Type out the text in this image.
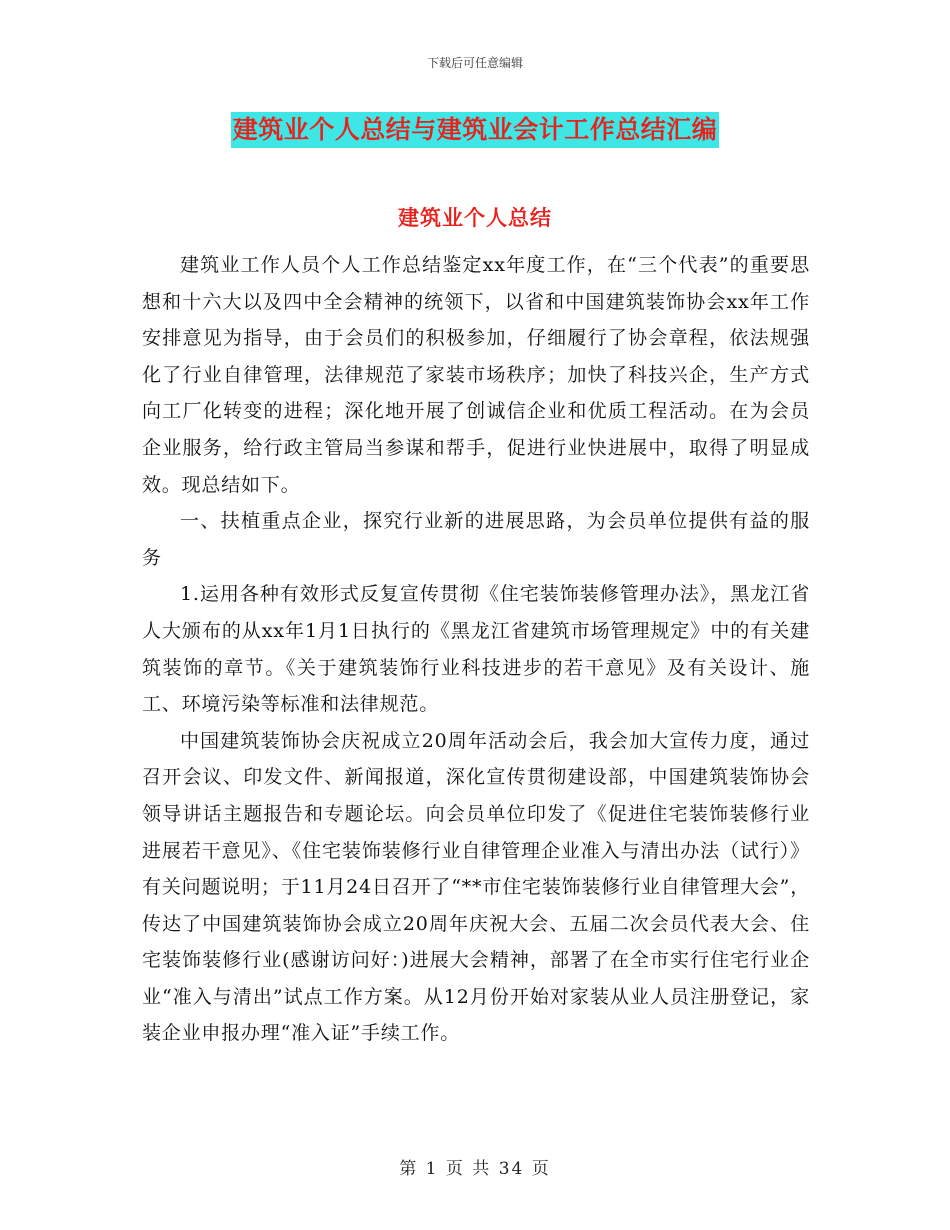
下载后可任意编辑
建筑业个人总结与建筑业会计工作总结汇编
建筑业个人总结

建筑业工作人员个人工作总结鉴定xx年度工作，在“三个代表”的重要思想和十六大以及四中全会精神的统领下，以省和中国建筑装饰协会xx年工作安排意见为指导，由于会员们的积极参加，仔细履行了协会章程，依法规强化了行业自律管理，法律规范了家装市场秩序；加快了科技兴企，生产方式向工厂化转变的进程；深化地开展了创诚信企业和优质工程活动。在为会员企业服务，给行政主管局当参谋和帮手，促进行业快进展中，取得了明显成效。现总结如下。

一、扶植重点企业，探究行业新的进展思路，为会员单位提供有益的服务

1.运用各种有效形式反复宣传贯彻《住宅装饰装修管理办法》，黑龙江省人大颁布的从xx年1月1日执行的《黑龙江省建筑市场管理规定》中的有关建筑装饰的章节。《关于建筑装饰行业科技进步的若干意见》及有关设计、施工、环境污染等标准和法律规范。

中国建筑装饰协会庆祝成立20周年活动会后，我会加大宣传力度，通过召开会议、印发文件、新闻报道，深化宣传贯彻建设部，中国建筑装饰协会领导讲话主题报告和专题论坛。向会员单位印发了《促进住宅装饰装修行业进展若干意见》、《住宅装饰装修行业自律管理企业准入与清出办法（试行）》有关问题说明；于11月24日召开了“**市住宅装饰装修行业自律管理大会”，传达了中国建筑装饰协会成立20周年庆祝大会、五届二次会员代表大会、住宅装饰装修行业(感谢访问好：)进展大会精神，部署了在全市实行住宅行业企业“准入与清出”试点工作方案。从12月份开始对家装从业人员注册登记，家装企业申报办理“准入证”手续工作。

第 1 页 共 34 页
